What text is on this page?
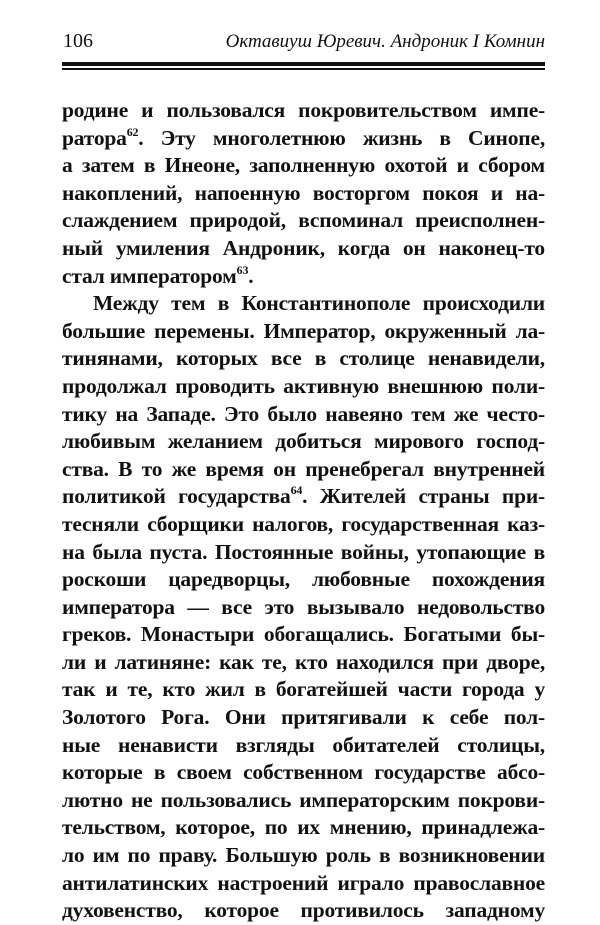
106	Октавиуш Юревич. Андроник I Комнин
родине и пользовался покровительством импе-
ратора$^{62}$. Эту многолетнюю жизнь в Синопе,
а затем в Инеоне, заполненную охотой и сбором
накоплений, напоенную восторгом покоя и на-
слаждением природой, вспоминал преисполнен-
ный умиления Андроник, когда он наконец-то
стал императором$^{63}$.
Между тем в Константинополе происходили
большие перемены. Император, окруженный ла-
тинянами, которых все в столице ненавидели,
продолжал проводить активную внешнюю поли-
тику на Западе. Это было навеяно тем же често-
любивым желанием добиться мирового господ-
ства. В то же время он пренебрегал внутренней
политикой государства$^{64}$. Жителей страны при-
тесняли сборщики налогов, государственная каз-
на была пуста. Постоянные войны, утопающие в
роскоши царедворцы, любовные похождения
императора — все это вызывало недовольство
греков. Монастыри обогащались. Богатыми бы-
ли и латиняне: как те, кто находился при дворе,
так и те, кто жил в богатейшей части города у
Золотого Рога. Они притягивали к себе пол-
ные ненависти взгляды обитателей столицы,
которые в своем собственном государстве абсо-
лютно не пользовались императорским покрови-
тельством, которое, по их мнению, принадлежа-
ло им по праву. Большую роль в возникновении
антилатинских настроений играло православное
духовенство, которое противилось западному
